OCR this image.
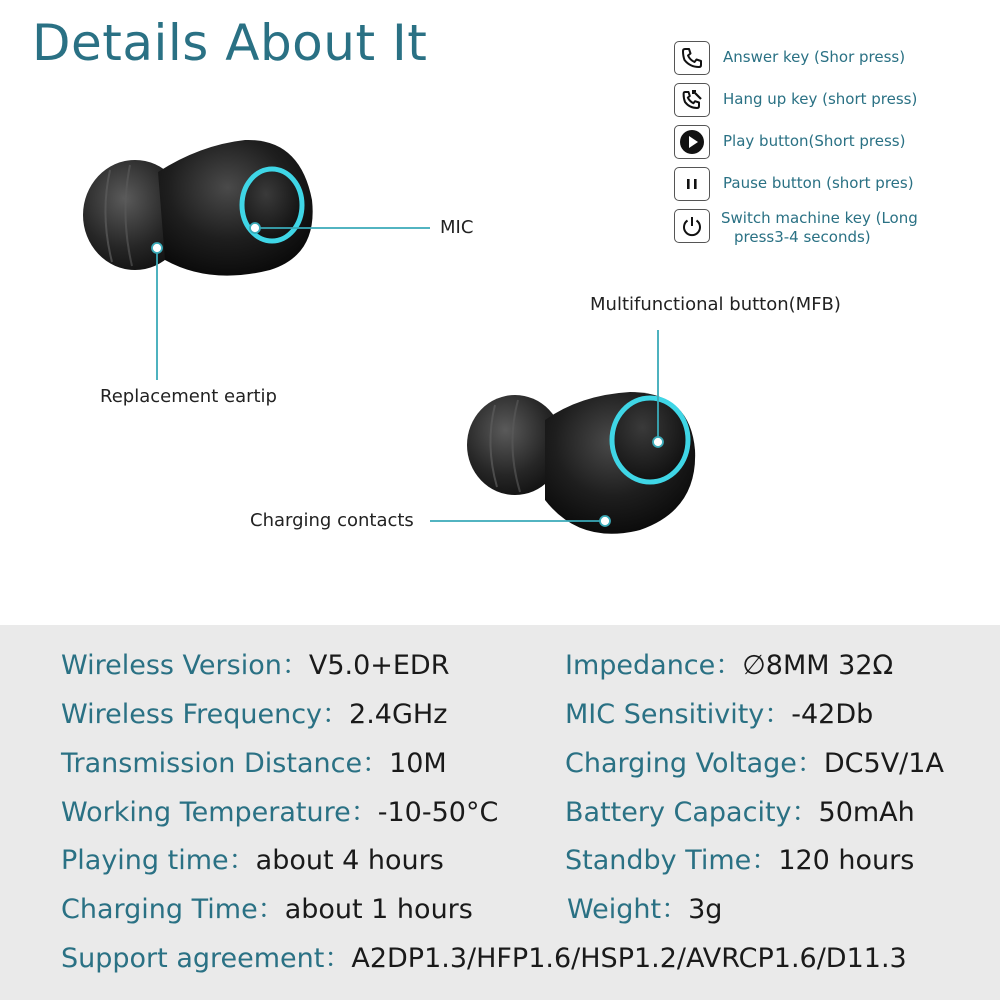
Details About It
MIC
Multifunctional button(MFB)
Replacement eartip
Charging contacts
Answer key (Shor press)
Hang up key (short press)
Play button(Short press)
Pause button (short pres)
Switch machine key (Long
press3-4 seconds)
Wireless Version：V5.0+EDR
Wireless Frequency：2.4GHz
Transmission Distance：10M
Working Temperature：-10-50°C
Playing time：about 4 hours
Charging Time：about 1 hours
Impedance：∅8MM 32Ω
MIC Sensitivity：-42Db
Charging Voltage：DC5V/1A
Battery Capacity：50mAh
Standby Time：120 hours
Weight：3g
Support agreement：A2DP1.3/HFP1.6/HSP1.2/AVRCP1.6/D11.3
